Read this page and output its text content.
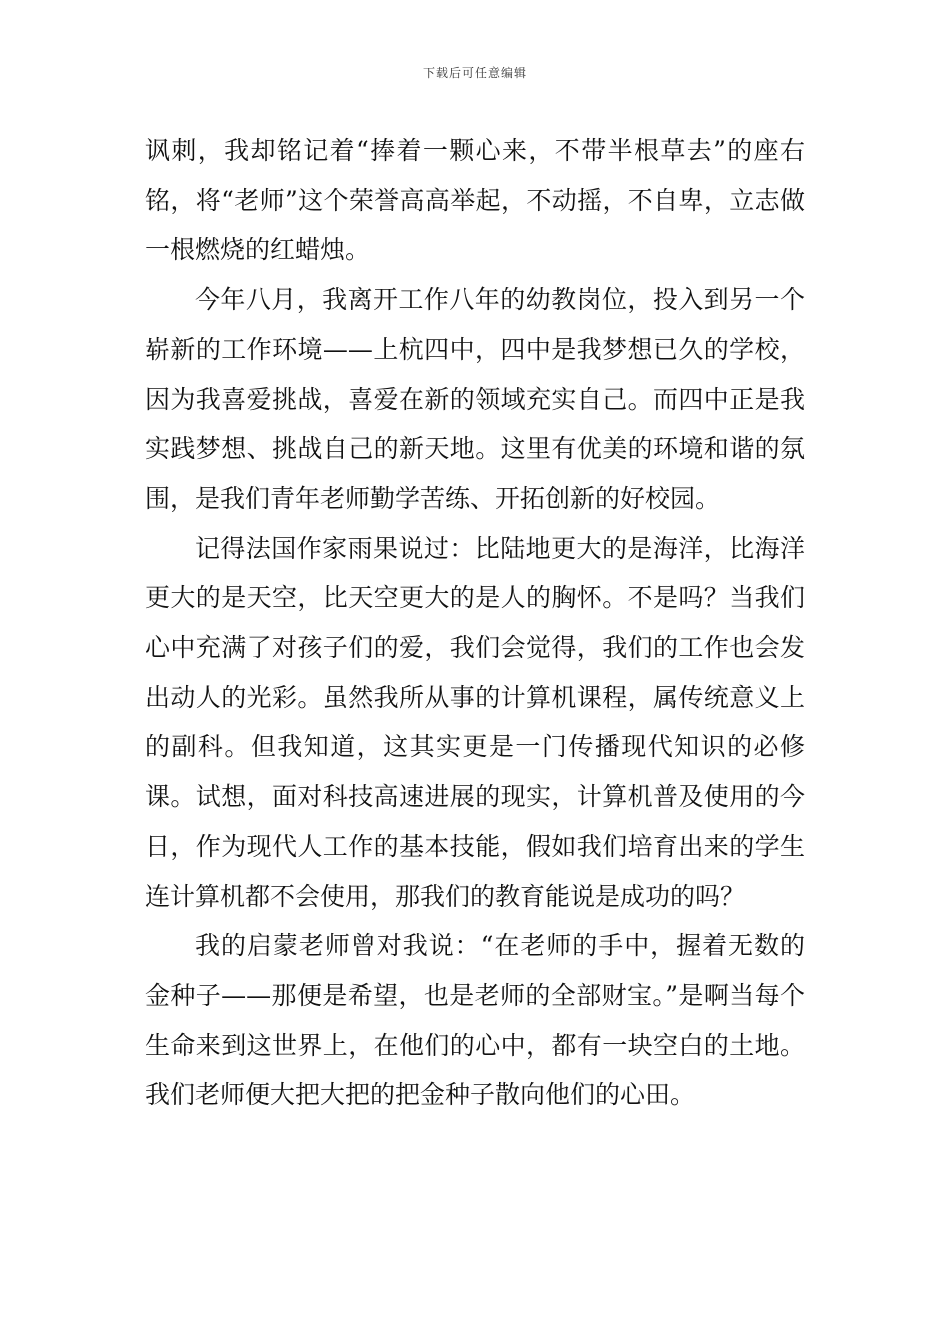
下载后可任意编辑

讽刺，我却铭记着“捧着一颗心来，不带半根草去”的座右铭，将“老师”这个荣誉高高举起，不动摇，不自卑，立志做一根燃烧的红蜡烛。

今年八月，我离开工作八年的幼教岗位，投入到另一个崭新的工作环境——上杭四中，四中是我梦想已久的学校，因为我喜爱挑战，喜爱在新的领域充实自己。而四中正是我实践梦想、挑战自己的新天地。这里有优美的环境和谐的氛围，是我们青年老师勤学苦练、开拓创新的好校园。

记得法国作家雨果说过：比陆地更大的是海洋，比海洋更大的是天空，比天空更大的是人的胸怀。不是吗？当我们心中充满了对孩子们的爱，我们会觉得，我们的工作也会发出动人的光彩。虽然我所从事的计算机课程，属传统意义上的副科。但我知道，这其实更是一门传播现代知识的必修课。试想，面对科技高速进展的现实，计算机普及使用的今日，作为现代人工作的基本技能，假如我们培育出来的学生连计算机都不会使用，那我们的教育能说是成功的吗？

我的启蒙老师曾对我说：“在老师的手中，握着无数的金种子——那便是希望，也是老师的全部财宝。”是啊当每个生命来到这世界上，在他们的心中，都有一块空白的土地。我们老师便大把大把的把金种子散向他们的心田。
